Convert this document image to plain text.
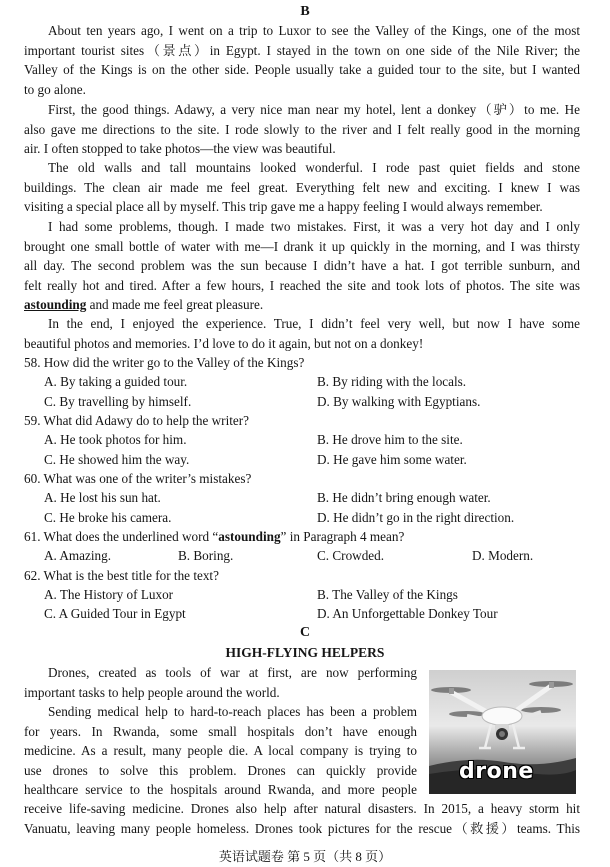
B
About ten years ago, I went on a trip to Luxor to see the Valley of the Kings, one of the most
important tourist sites（景点）in Egypt. I stayed in the town on one side of the Nile River; the
Valley of the Kings is on the other side. People usually take a guided tour to the site, but I wanted
to go alone.
First, the good things. Adawy, a very nice man near my hotel, lent a donkey（驴）to me. He
also gave me directions to the site. I rode slowly to the river and I felt really good in the morning
air. I often stopped to take photos—the view was beautiful.
The old walls and tall mountains looked wonderful. I rode past quiet fields and stone
buildings. The clean air made me feel great. Everything felt new and exciting. I knew I was
visiting a special place all by myself. This trip gave me a happy feeling I would always remember.
I had some problems, though. I made two mistakes. First, it was a very hot day and I only
brought one small bottle of water with me—I drank it up quickly in the morning, and I was thirsty
all day. The second problem was the sun because I didn’t have a hat. I got terrible sunburn, and
felt really hot and tired. After a few hours, I reached the site and took lots of photos. The site was
astounding and made me feel great pleasure.
In the end, I enjoyed the experience. True, I didn’t feel very well, but now I have some
beautiful photos and memories. I’d love to do it again, but not on a donkey!
58. How did the writer go to the Valley of the Kings?
A. By taking a guided tour.	B. By riding with the locals.
C. By travelling by himself.	D. By walking with Egyptians.
59. What did Adawy do to help the writer?
A. He took photos for him.	B. He drove him to the site.
C. He showed him the way.	D. He gave him some water.
60. What was one of the writer’s mistakes?
A. He lost his sun hat.	B. He didn’t bring enough water.
C. He broke his camera.	D. He didn’t go in the right direction.
61. What does the underlined word “astounding” in Paragraph 4 mean?
A. Amazing.	B. Boring.	C. Crowded.	D. Modern.
62. What is the best title for the text?
A. The History of Luxor	B. The Valley of the Kings
C. A Guided Tour in Egypt	D. An Unforgettable Donkey Tour
C
HIGH-FLYING HELPERS
Drones, created as tools of war at first, are now performing
important tasks to help people around the world.
Sending medical help to hard-to-reach places has been a problem
for years. In Rwanda, some small hospitals don’t have enough
medicine. As a result, many people die. A local company is trying to
use drones to solve this problem. Drones can quickly provide
healthcare service to the hospitals around Rwanda, and more people
receive life-saving medicine. Drones also help after natural disasters. In 2015, a heavy storm hit
Vanuatu, leaving many people homeless. Drones took pictures for the rescue（救援）teams. This
drone
英语试题卷 第 5 页（共 8 页）
